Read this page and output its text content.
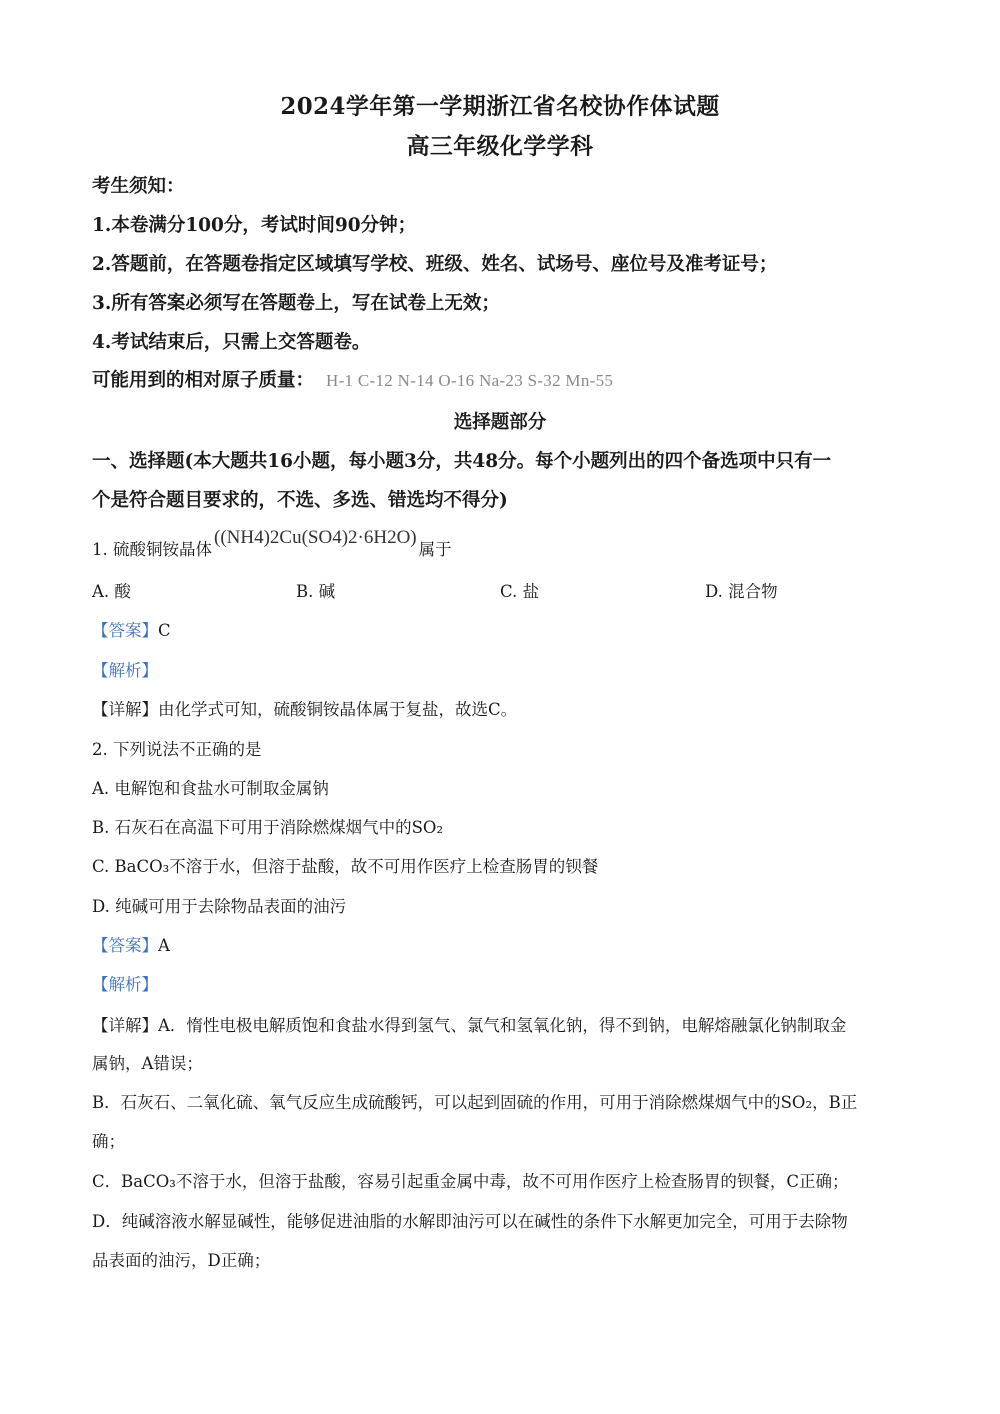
2024学年第一学期浙江省名校协作体试题
高三年级化学学科
考生须知：
1.本卷满分100分，考试时间90分钟；
2.答题前，在答题卷指定区域填写学校、班级、姓名、试场号、座位号及准考证号；
3.所有答案必须写在答题卷上，写在试卷上无效；
4.考试结束后，只需上交答题卷。
可能用到的相对原子质量： H-1 C-12 N-14 O-16 Na-23 S-32 Mn-55
选择题部分
一、选择题(本大题共16小题，每小题3分，共48分。每个小题列出的四个备选项中只有一
个是符合题目要求的，不选、多选、错选均不得分)
1. 硫酸铜铵晶体((NH4)2Cu(SO4)2·6H2O)属于
A. 酸	B. 碱	C. 盐	D. 混合物
【答案】C
【解析】
【详解】由化学式可知，硫酸铜铵晶体属于复盐，故选C。
2. 下列说法不正确的是
A. 电解饱和食盐水可制取金属钠
B. 石灰石在高温下可用于消除燃煤烟气中的SO₂
C. BaCO₃不溶于水，但溶于盐酸，故不可用作医疗上检查肠胃的钡餐
D. 纯碱可用于去除物品表面的油污
【答案】A
【解析】
【详解】A．惰性电极电解质饱和食盐水得到氢气、氯气和氢氧化钠，得不到钠，电解熔融氯化钠制取金
属钠，A错误；
B．石灰石、二氧化硫、氧气反应生成硫酸钙，可以起到固硫的作用，可用于消除燃煤烟气中的SO₂，B正
确；
C．BaCO₃不溶于水，但溶于盐酸，容易引起重金属中毒，故不可用作医疗上检查肠胃的钡餐，C正确；
D．纯碱溶液水解显碱性，能够促进油脂的水解即油污可以在碱性的条件下水解更加完全，可用于去除物
品表面的油污，D正确；
